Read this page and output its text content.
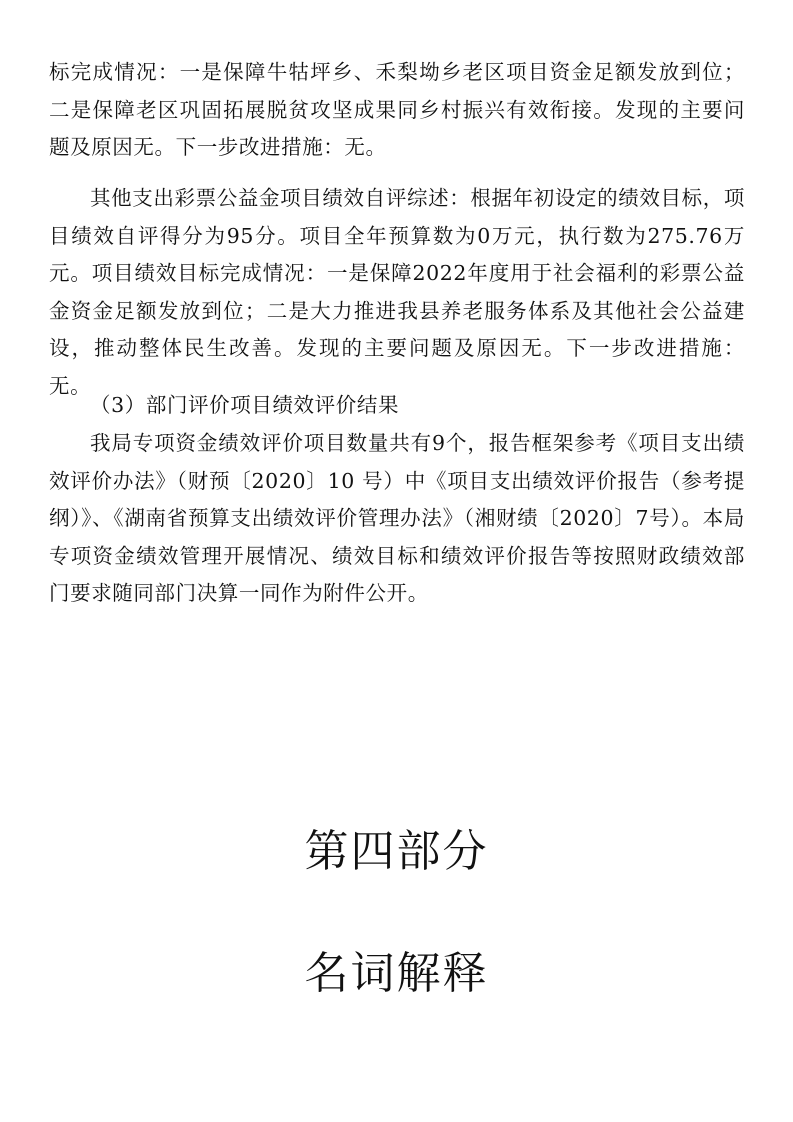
标完成情况：一是保障牛牯坪乡、禾梨坳乡老区项目资金足额发放到位；二是保障老区巩固拓展脱贫攻坚成果同乡村振兴有效衔接。发现的主要问题及原因无。下一步改进措施：无。

其他支出彩票公益金项目绩效自评综述：根据年初设定的绩效目标，项目绩效自评得分为95分。项目全年预算数为0万元，执行数为275.76万元。项目绩效目标完成情况：一是保障2022年度用于社会福利的彩票公益金资金足额发放到位；二是大力推进我县养老服务体系及其他社会公益建设，推动整体民生改善。发现的主要问题及原因无。下一步改进措施：无。

（3）部门评价项目绩效评价结果

我局专项资金绩效评价项目数量共有9个，报告框架参考《项目支出绩效评价办法》（财预〔2020〕10 号）中《项目支出绩效评价报告（参考提纲）》、《湖南省预算支出绩效评价管理办法》（湘财绩〔2020〕7号）。本局专项资金绩效管理开展情况、绩效目标和绩效评价报告等按照财政绩效部门要求随同部门决算一同作为附件公开。

第四部分
名词解释
